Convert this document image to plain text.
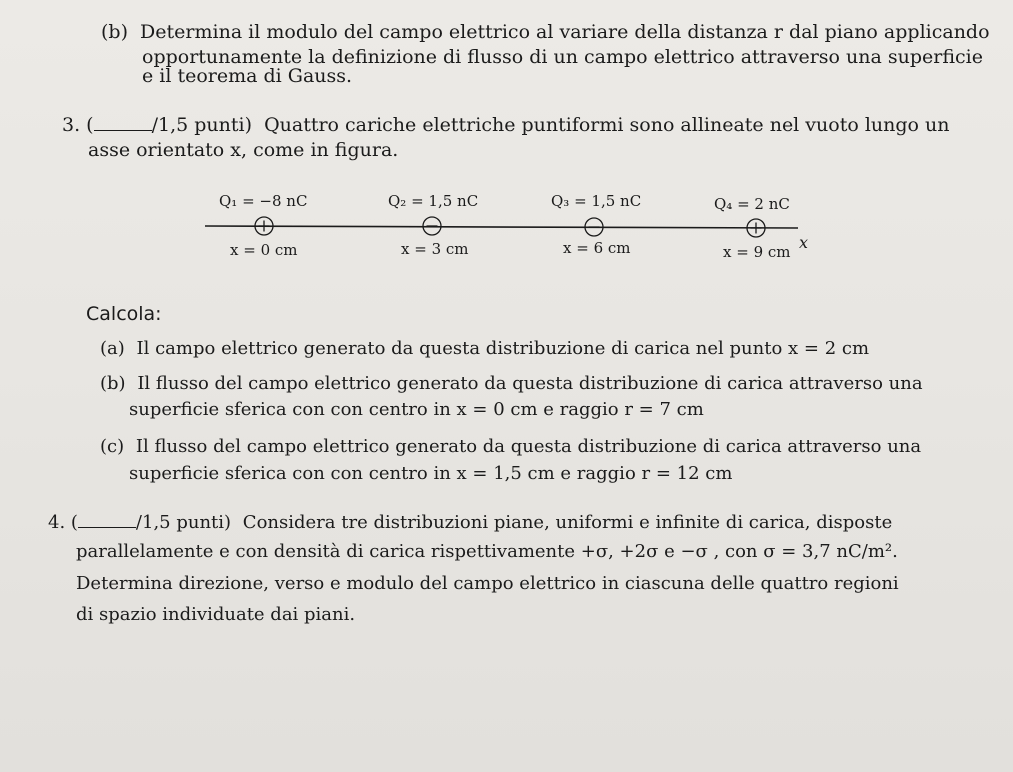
(b) Determina il modulo del campo elettrico al variare della distanza r dal piano applicando
opportunamente la definizione di flusso di un campo elettrico attraverso una superficie
e il teorema di Gauss.
3. (	/1,5 punti) Quattro cariche elettriche puntiformi sono allineate nel vuoto lungo un
asse orientato x, come in figura.
Q₁ = −8 nC	Q₂ = 1,5 nC	Q₃ = 1,5 nC	Q₄ = 2 nC
x
x = 0 cm	x = 3 cm	x = 6 cm	x = 9 cm
Calcola:
(a) Il campo elettrico generato da questa distribuzione di carica nel punto x = 2 cm
(b) Il flusso del campo elettrico generato da questa distribuzione di carica attraverso una
superficie sferica con con centro in x = 0 cm e raggio r = 7 cm
(c) Il flusso del campo elettrico generato da questa distribuzione di carica attraverso una
superficie sferica con con centro in x = 1,5 cm e raggio r = 12 cm
4. (	/1,5 punti) Considera tre distribuzioni piane, uniformi e infinite di carica, disposte
parallelamente e con densità di carica rispettivamente +σ, +2σ e −σ , con σ = 3,7 nC/m².
Determina direzione, verso e modulo del campo elettrico in ciascuna delle quattro regioni
di spazio individuate dai piani.
